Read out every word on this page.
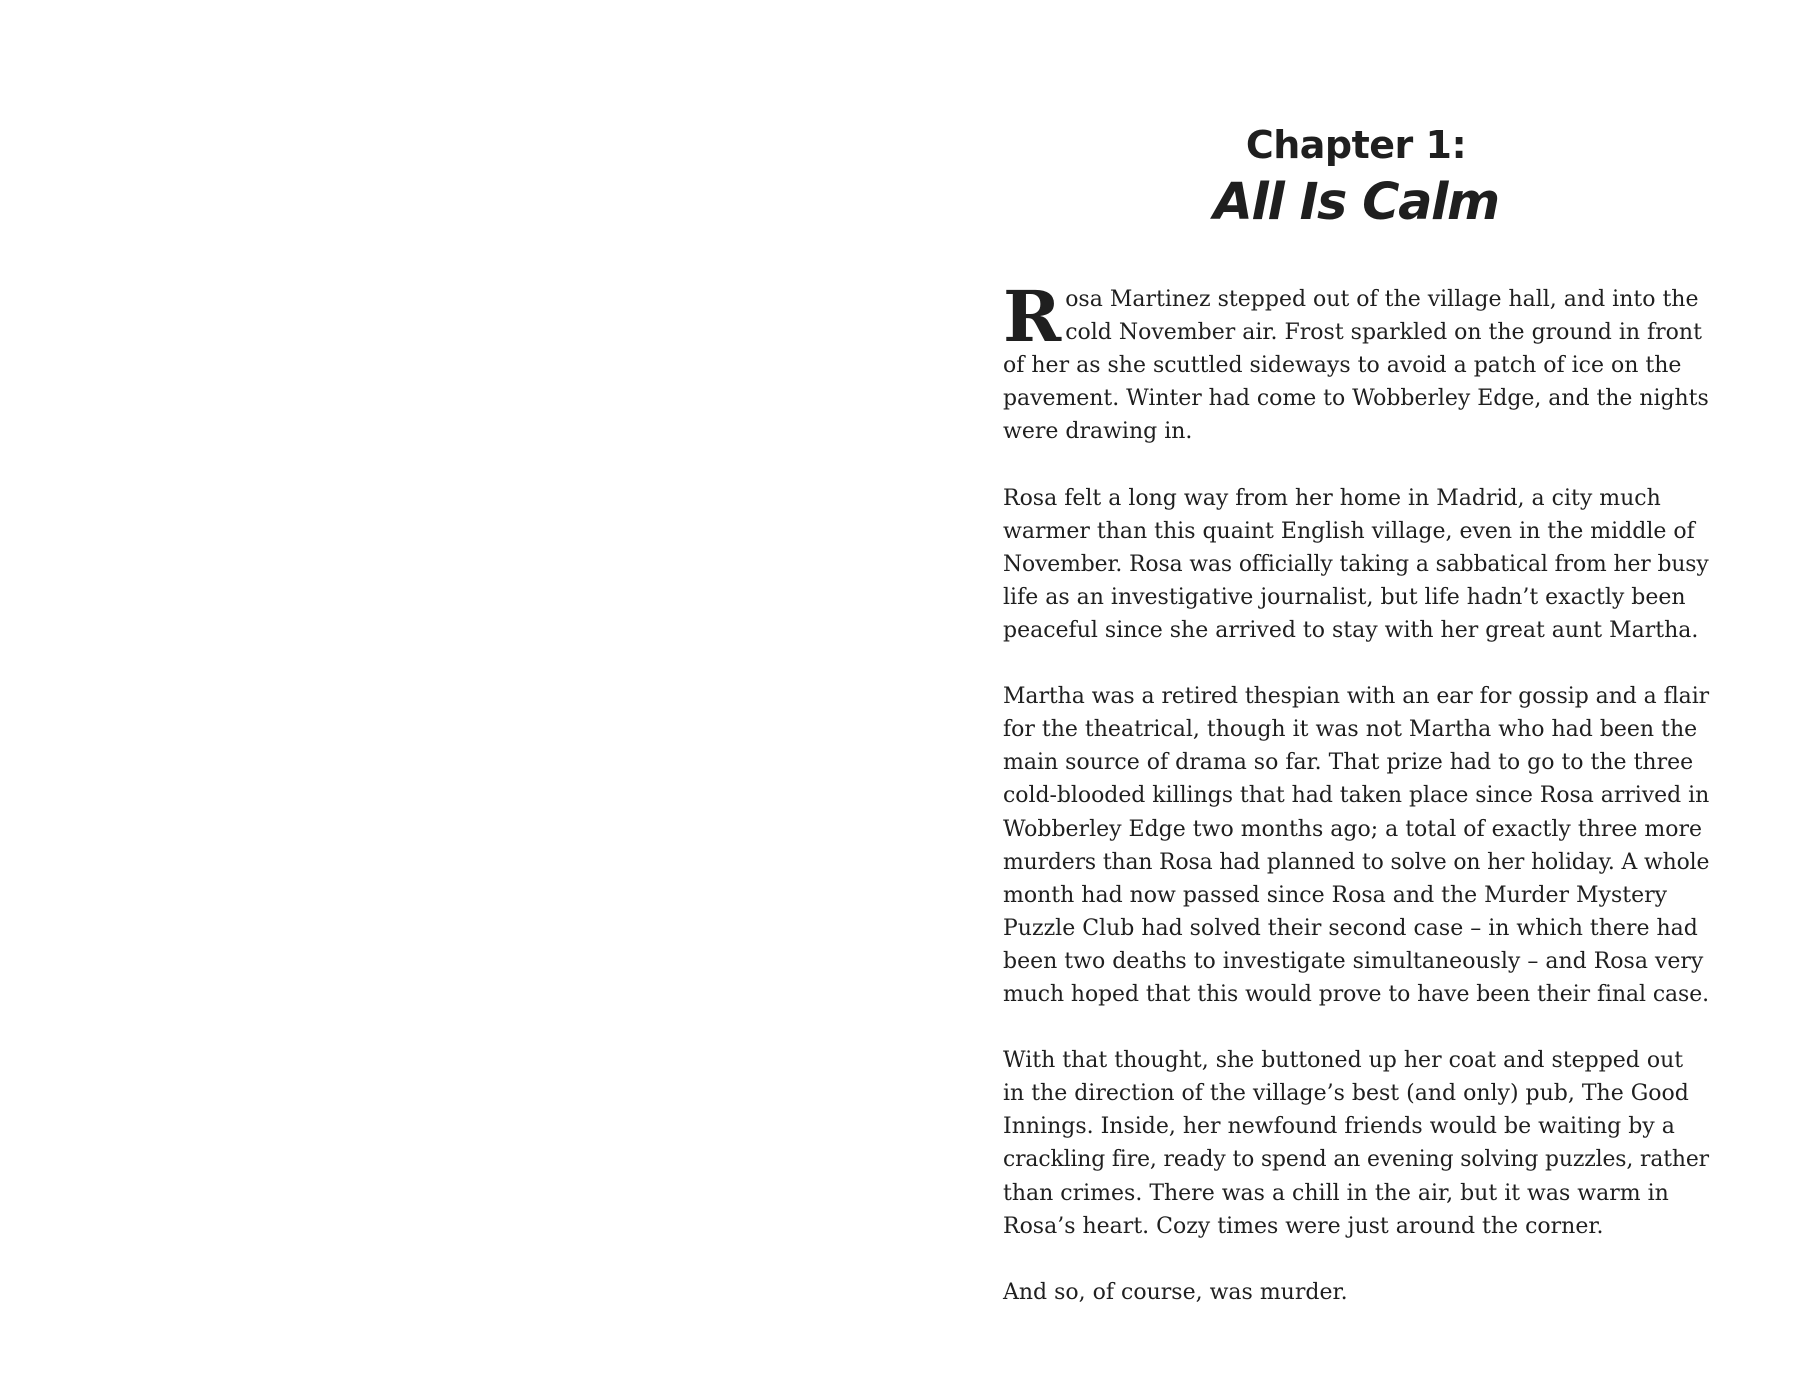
Chapter 1:
All Is Calm
R osa Martinez stepped out of the village hall, and into the
cold November air. Frost sparkled on the ground in front
of her as she scuttled sideways to avoid a patch of ice on the
pavement. Winter had come to Wobberley Edge, and the nights
were drawing in.
Rosa felt a long way from her home in Madrid, a city much
warmer than this quaint English village, even in the middle of
November. Rosa was officially taking a sabbatical from her busy
life as an investigative journalist, but life hadn’t exactly been
peaceful since she arrived to stay with her great aunt Martha.
Martha was a retired thespian with an ear for gossip and a flair
for the theatrical, though it was not Martha who had been the
main source of drama so far. That prize had to go to the three
cold-blooded killings that had taken place since Rosa arrived in
Wobberley Edge two months ago; a total of exactly three more
murders than Rosa had planned to solve on her holiday. A whole
month had now passed since Rosa and the Murder Mystery
Puzzle Club had solved their second case – in which there had
been two deaths to investigate simultaneously – and Rosa very
much hoped that this would prove to have been their final case.
With that thought, she buttoned up her coat and stepped out
in the direction of the village’s best (and only) pub, The Good
Innings. Inside, her newfound friends would be waiting by a
crackling fire, ready to spend an evening solving puzzles, rather
than crimes. There was a chill in the air, but it was warm in
Rosa’s heart. Cozy times were just around the corner.
And so, of course, was murder.
